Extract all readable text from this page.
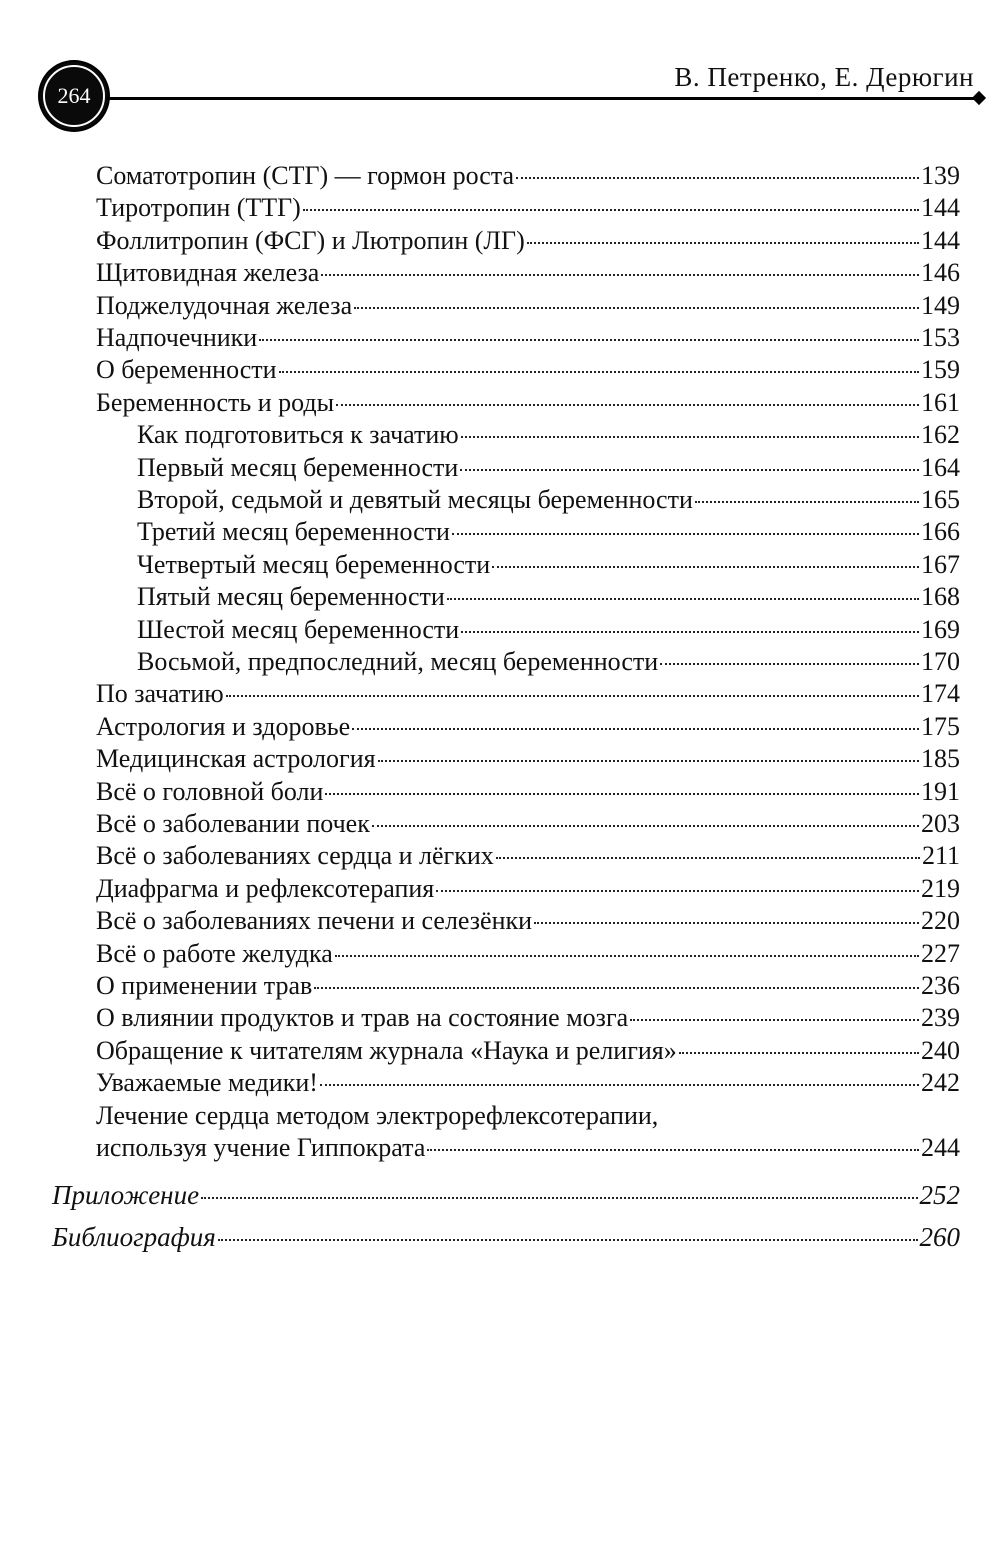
264
В. Петренко, Е. Дерюгин
Соматотропин (СТГ) — гормон роста	139
Тиротропин (ТТГ)	144
Фоллитропин (ФСГ) и Лютропин (ЛГ)	144
Щитовидная железа	146
Поджелудочная железа	149
Надпочечники	153
О беременности	159
Беременность и роды	161
Как подготовиться к зачатию	162
Первый месяц беременности	164
Второй, седьмой и девятый месяцы беременности	165
Третий месяц беременности	166
Четвертый месяц беременности	167
Пятый месяц беременности	168
Шестой месяц беременности	169
Восьмой, предпоследний, месяц беременности	170
По зачатию	174
Астрология и здоровье	175
Медицинская астрология	185
Всё о головной боли	191
Всё о заболевании почек	203
Всё о заболеваниях сердца и лёгких	211
Диафрагма и рефлексотерапия	219
Всё о заболеваниях печени и селезёнки	220
Всё о работе желудка	227
О применении трав	236
О влиянии продуктов и трав на состояние мозга	239
Обращение к читателям журнала «Наука и религия»	240
Уважаемые медики!	242
Лечение сердца методом электрорефлексотерапии,
используя учение Гиппократа	244
Приложение	252
Библиография	260
